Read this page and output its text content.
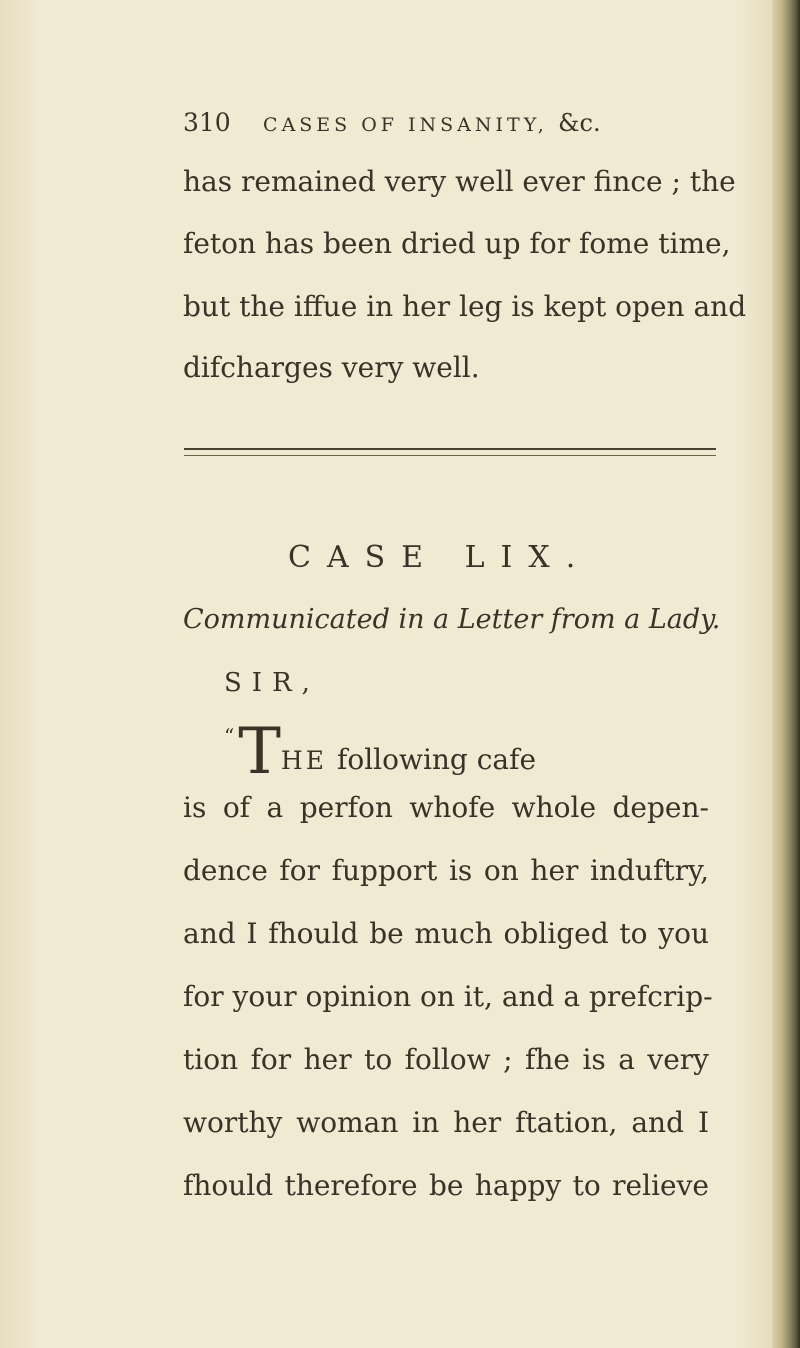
310 CASES OF INSANITY, &c.
has remained very well ever fince ; the
feton has been dried up for fome time,
but the iffue in her leg is kept open and
difcharges very well.
CASE LIX.
Communicated in a Letter from a Lady.
SIR,
“THE following cafe
is of a perfon whofe whole depen-
dence for fupport is on her induftry,
and I fhould be much obliged to you
for your opinion on it, and a prefcrip-
tion for her to follow ; fhe is a very
worthy woman in her ftation, and I
fhould therefore be happy to relieve
